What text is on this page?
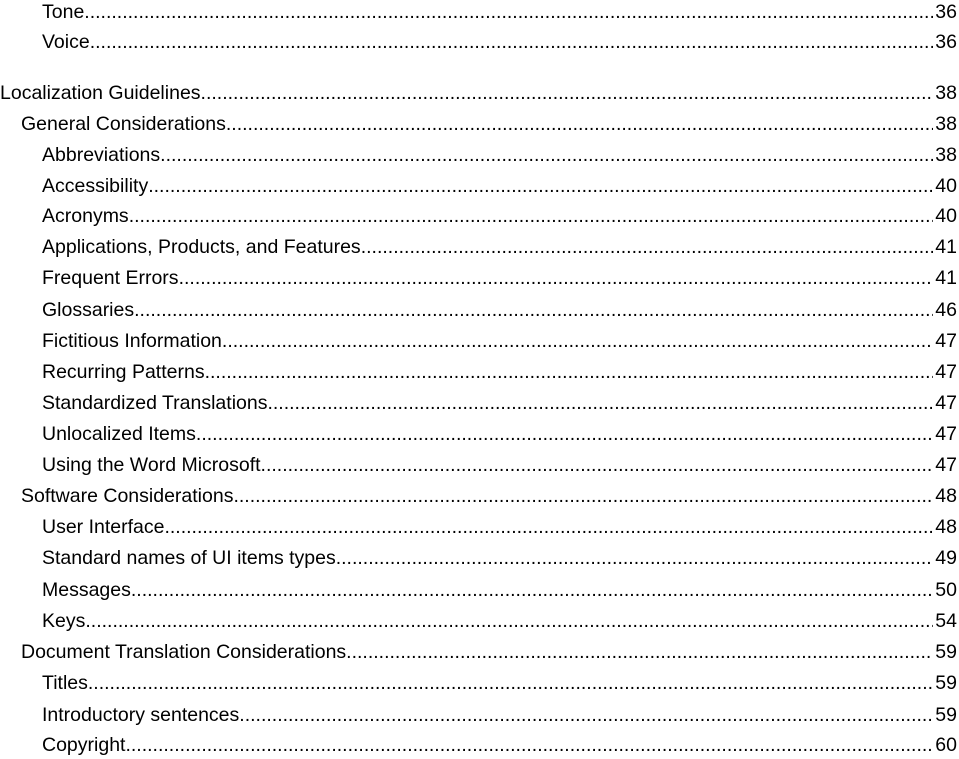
Tone .....	36
Voice .....	36
Localization Guidelines .....	38
General Considerations .....	38
Abbreviations .....	38
Accessibility .....	40
Acronyms .....	40
Applications, Products, and Features .....	41
Frequent Errors .....	41
Glossaries .....	46
Fictitious Information .....	47
Recurring Patterns .....	47
Standardized Translations .....	47
Unlocalized Items .....	47
Using the Word Microsoft .....	47
Software Considerations .....	48
User Interface .....	48
Standard names of UI items types .....	49
Messages .....	50
Keys .....	54
Document Translation Considerations .....	59
Titles .....	59
Introductory sentences .....	59
Copyright .....	60
